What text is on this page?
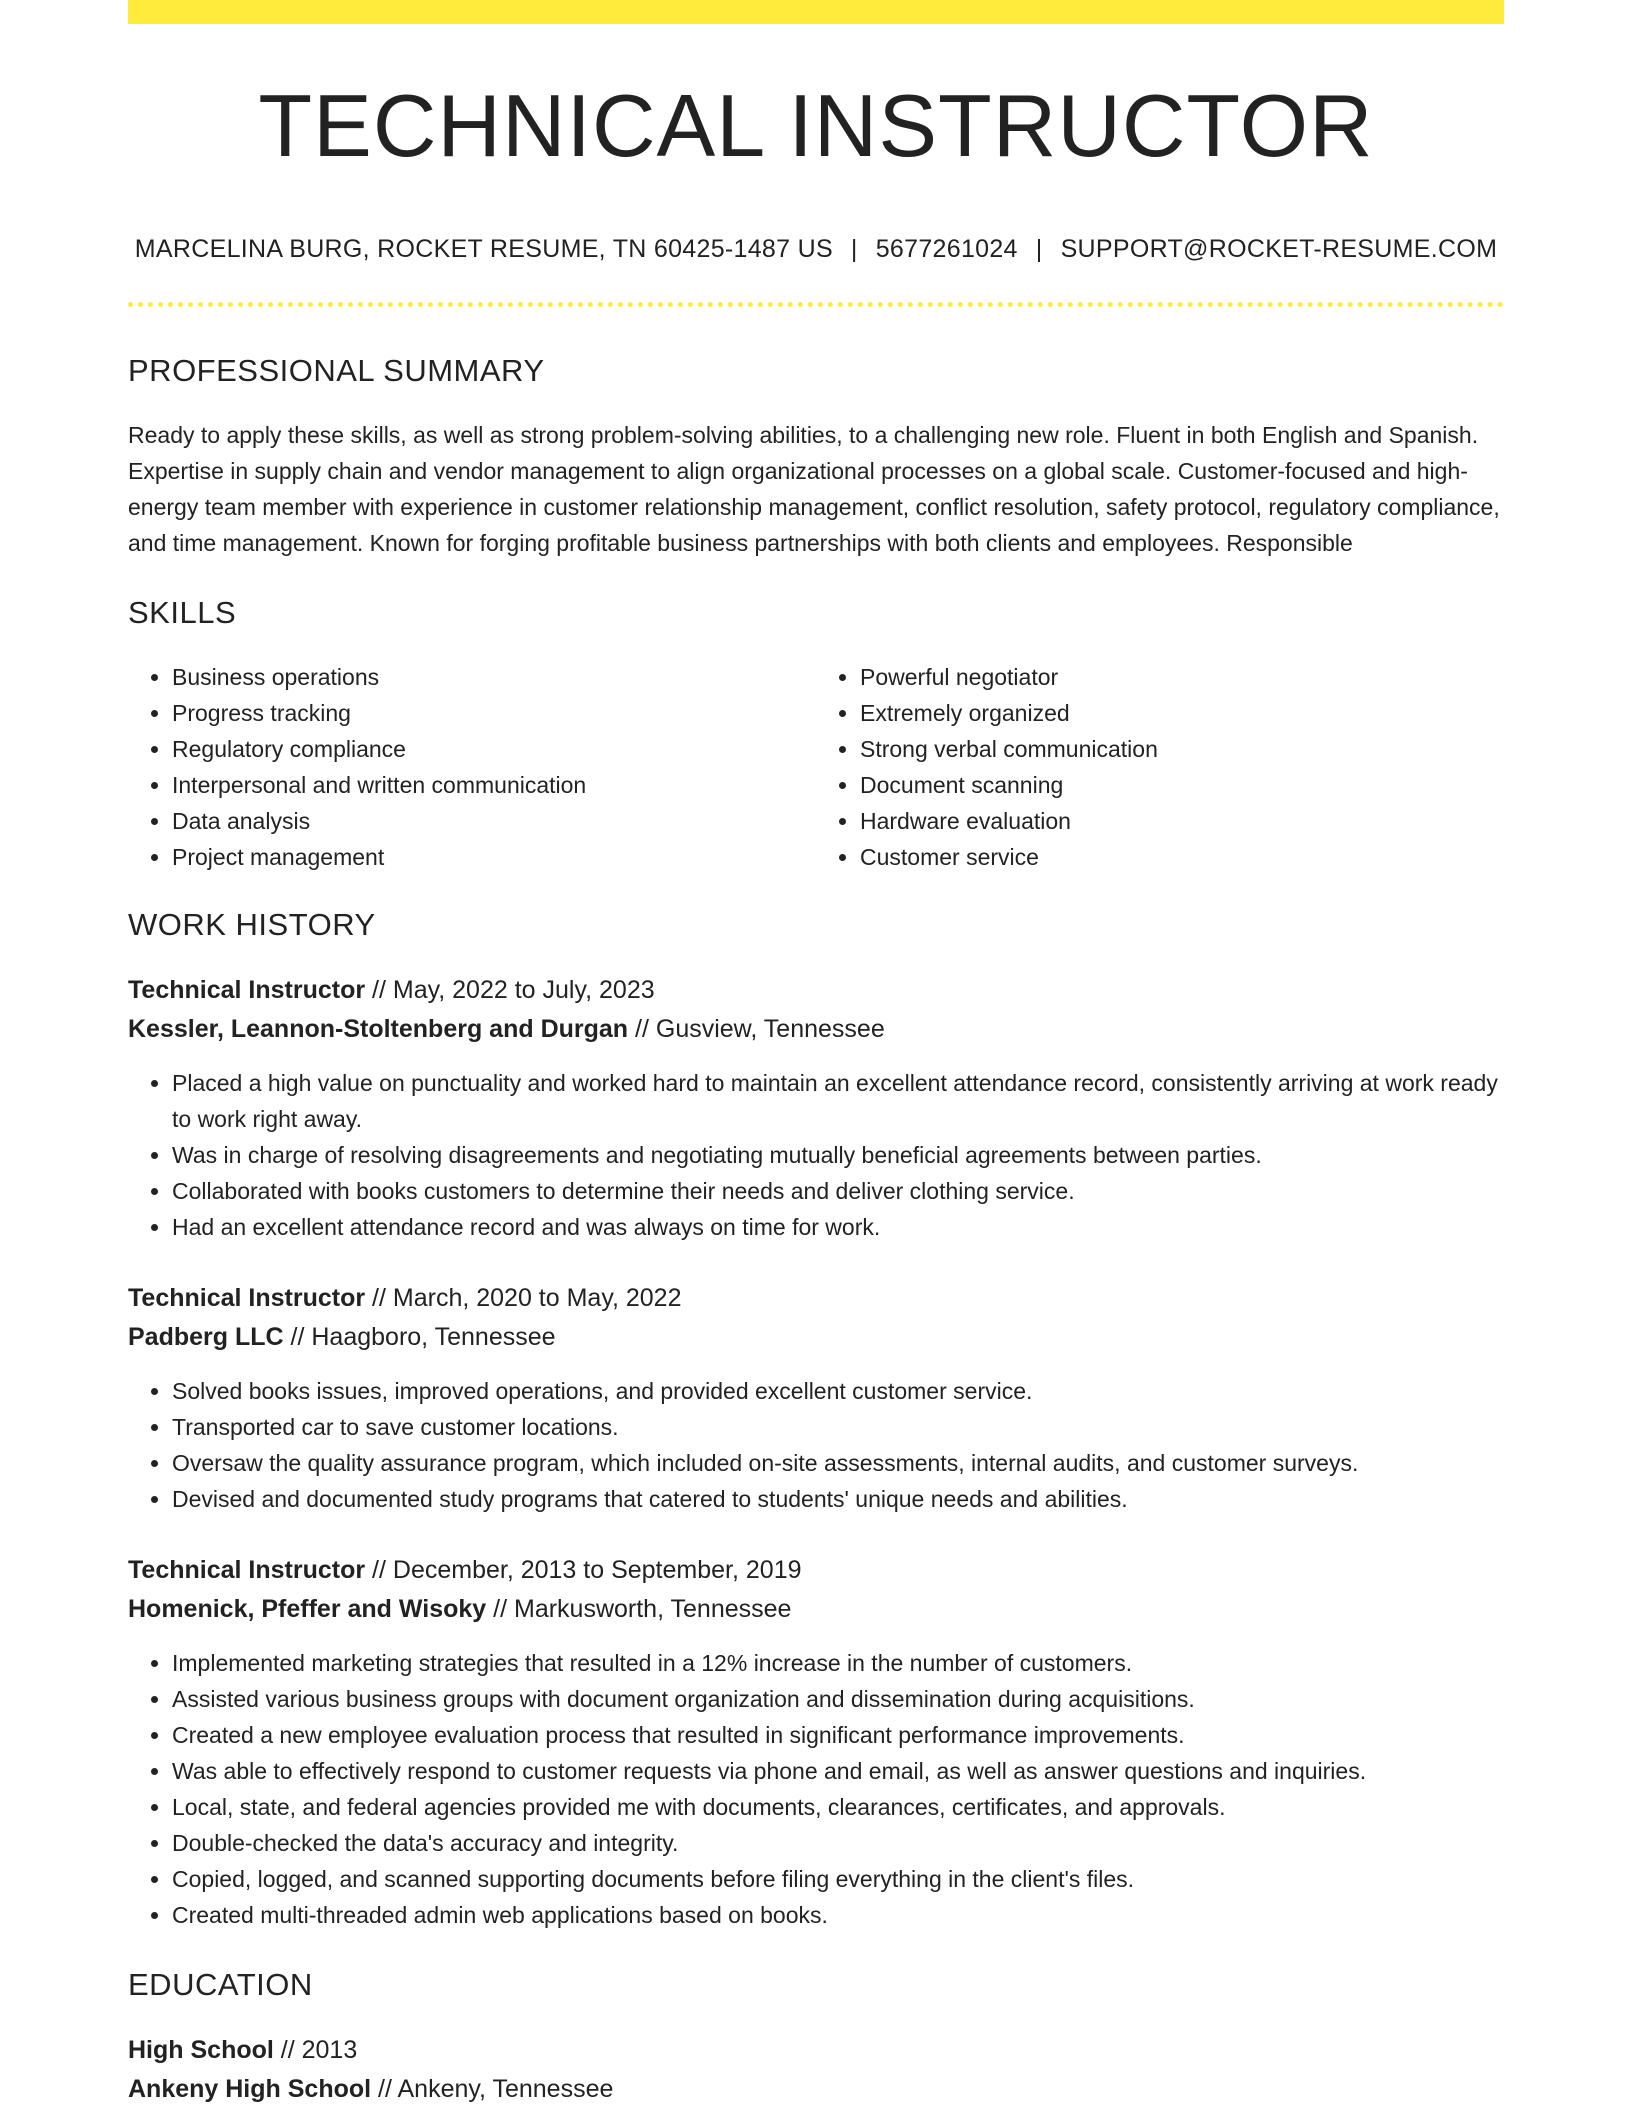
TECHNICAL INSTRUCTOR
MARCELINA BURG, ROCKET RESUME, TN 60425-1487 US | 5677261024 | SUPPORT@ROCKET-RESUME.COM
PROFESSIONAL SUMMARY

Ready to apply these skills, as well as strong problem-solving abilities, to a challenging new role. Fluent in both English and Spanish. Expertise in supply chain and vendor management to align organizational processes on a global scale. Customer-focused and high-energy team member with experience in customer relationship management, conflict resolution, safety protocol, regulatory compliance, and time management. Known for forging profitable business partnerships with both clients and employees. Responsible

SKILLS
• Business operations
• Progress tracking
• Regulatory compliance
• Interpersonal and written communication
• Data analysis
• Project management
• Powerful negotiator
• Extremely organized
• Strong verbal communication
• Document scanning
• Hardware evaluation
• Customer service
WORK HISTORY
Technical Instructor // May, 2022 to July, 2023
Kessler, Leannon-Stoltenberg and Durgan // Gusview, Tennessee
• Placed a high value on punctuality and worked hard to maintain an excellent attendance record, consistently arriving at work ready to work right away.
• Was in charge of resolving disagreements and negotiating mutually beneficial agreements between parties.
• Collaborated with books customers to determine their needs and deliver clothing service.
• Had an excellent attendance record and was always on time for work.
Technical Instructor // March, 2020 to May, 2022
Padberg LLC // Haagboro, Tennessee
• Solved books issues, improved operations, and provided excellent customer service.
• Transported car to save customer locations.
• Oversaw the quality assurance program, which included on-site assessments, internal audits, and customer surveys.
• Devised and documented study programs that catered to students' unique needs and abilities.
Technical Instructor // December, 2013 to September, 2019
Homenick, Pfeffer and Wisoky // Markusworth, Tennessee
• Implemented marketing strategies that resulted in a 12% increase in the number of customers.
• Assisted various business groups with document organization and dissemination during acquisitions.
• Created a new employee evaluation process that resulted in significant performance improvements.
• Was able to effectively respond to customer requests via phone and email, as well as answer questions and inquiries.
• Local, state, and federal agencies provided me with documents, clearances, certificates, and approvals.
• Double-checked the data's accuracy and integrity.
• Copied, logged, and scanned supporting documents before filing everything in the client's files.
• Created multi-threaded admin web applications based on books.
EDUCATION
High School // 2013
Ankeny High School // Ankeny, Tennessee
